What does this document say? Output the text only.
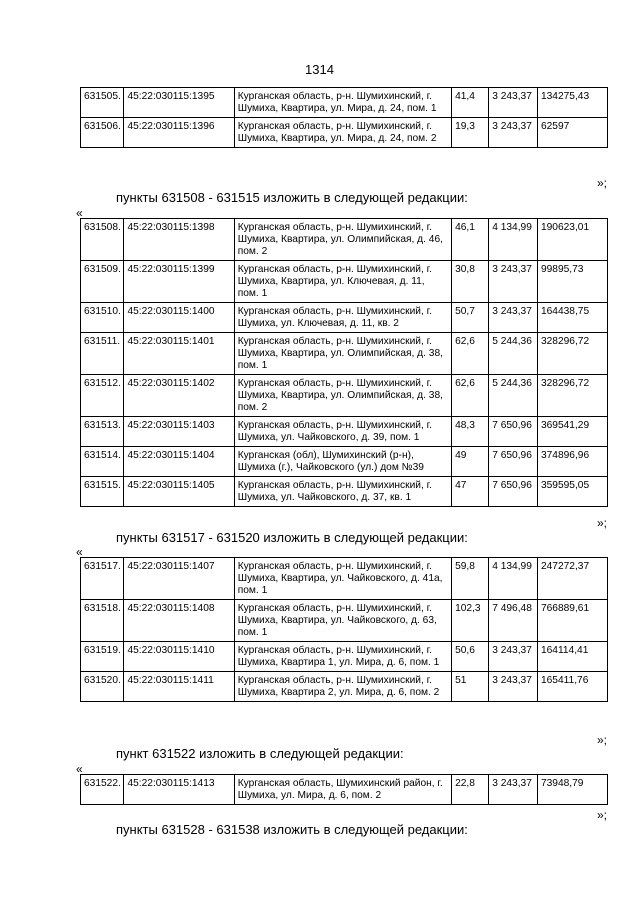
1314
631505.	45:22:030115:1395	Курганская область, р-н. Шумихинский, г. Шумиха, Квартира, ул. Мира, д. 24, пом. 1	41,4	3 243,37	134275,43
631506.	45:22:030115:1396	Курганская область, р-н. Шумихинский, г. Шумиха, Квартира, ул. Мира, д. 24, пом. 2	19,3	3 243,37	62597
»;
пункты 631508 - 631515 изложить в следующей редакции:
«
631508.	45:22:030115:1398	Курганская область, р-н. Шумихинский, г. Шумиха, Квартира, ул. Олимпийская, д. 46, пом. 2	46,1	4 134,99	190623,01
631509.	45:22:030115:1399	Курганская область, р-н. Шумихинский, г. Шумиха, Квартира, ул. Ключевая, д. 11, пом. 1	30,8	3 243,37	99895,73
631510.	45:22:030115:1400	Курганская область, р-н. Шумихинский, г. Шумиха, ул. Ключевая, д. 11, кв. 2	50,7	3 243,37	164438,75
631511.	45:22:030115:1401	Курганская область, р-н. Шумихинский, г. Шумиха, Квартира, ул. Олимпийская, д. 38, пом. 1	62,6	5 244,36	328296,72
631512.	45:22:030115:1402	Курганская область, р-н. Шумихинский, г. Шумиха, Квартира, ул. Олимпийская, д. 38, пом. 2	62,6	5 244,36	328296,72
631513.	45:22:030115:1403	Курганская область, р-н. Шумихинский, г. Шумиха, ул. Чайковского, д. 39, пом. 1	48,3	7 650,96	369541,29
631514.	45:22:030115:1404	Курганская (обл), Шумихинский (р-н), Шумиха (г.), Чайковского (ул.) дом №39	49	7 650,96	374896,96
631515.	45:22:030115:1405	Курганская область, р-н. Шумихинский, г. Шумиха, ул. Чайковского, д. 37, кв. 1	47	7 650,96	359595,05
»;
пункты 631517 - 631520 изложить в следующей редакции:
«
631517.	45:22:030115:1407	Курганская область, р-н. Шумихинский, г. Шумиха, Квартира, ул. Чайковского, д. 41а, пом. 1	59,8	4 134,99	247272,37
631518.	45:22:030115:1408	Курганская область, р-н. Шумихинский, г. Шумиха, Квартира, ул. Чайковского, д. 63, пом. 1	102,3	7 496,48	766889,61
631519.	45:22:030115:1410	Курганская область, р-н. Шумихинский, г. Шумиха, Квартира 1, ул. Мира, д. 6, пом. 1	50,6	3 243,37	164114,41
631520.	45:22:030115:1411	Курганская область, р-н. Шумихинский, г. Шумиха, Квартира 2, ул. Мира, д. 6, пом. 2	51	3 243,37	165411,76
»;
пункт 631522 изложить в следующей редакции:
«
631522.	45:22:030115:1413	Курганская область, Шумихинский район, г. Шумиха, ул. Мира, д. 6, пом. 2	22,8	3 243,37	73948,79
»;
пункты 631528 - 631538 изложить в следующей редакции:
